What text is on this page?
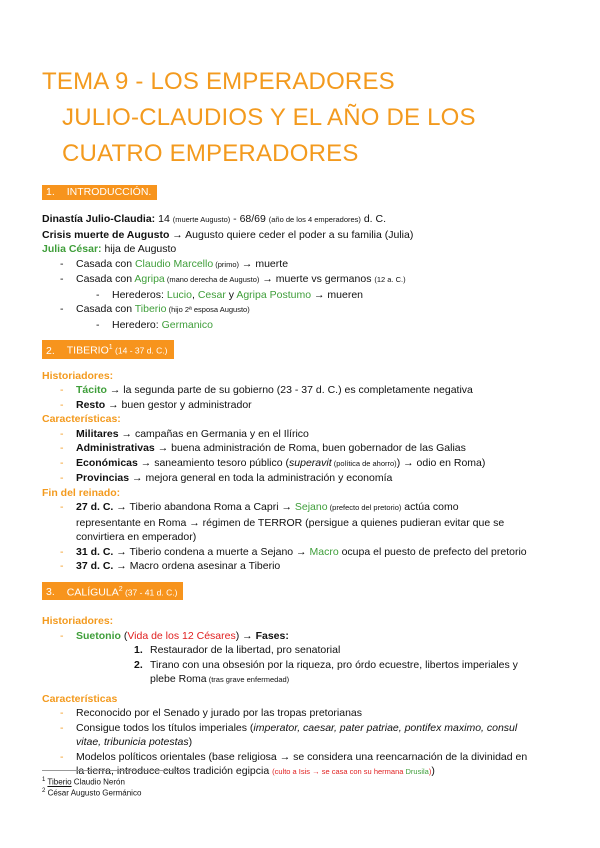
TEMA 9 - LOS EMPERADORES
JULIO-CLAUDIOS Y EL AÑO DE LOS
CUATRO EMPERADORES
1. INTRODUCCIÓN.

Dinastía Julio-Claudia: 14 (muerte Augusto) - 68/69 (año de los 4 emperadores) d. C.

Crisis muerte de Augusto → Augusto quiere ceder el poder a su familia (Julia)

Julia César: hija de Augusto

- Casada con Claudio Marcello (primo) → muerte
- Casada con Agripa (mano derecha de Augusto) → muerte vs germanos (12 a. C.)
- Herederos: Lucio, Cesar y Agripa Postumo → mueren
- Casada con Tiberio (hijo 2ª esposa Augusto)
- Heredero: Germanico
2. TIBERIO$^1$ (14 - 37 d. C.)
Historiadores:
- Tácito → la segunda parte de su gobierno (23 - 37 d. C.) es completamente negativa
- Resto → buen gestor y administrador
Características:
- Militares → campañas en Germania y en el Ilírico
- Administrativas → buena administración de Roma, buen gobernador de las Galias
- Económicas → saneamiento tesoro público (superavit (política de ahorro)) → odio en Roma)
- Provincias → mejora general en toda la administración y economía
Fin del reinado:
- 27 d. C. → Tiberio abandona Roma a Capri → Sejano (prefecto del pretorio) actúa como
representante en Roma → régimen de TERROR (persigue a quienes pudieran evitar que se
convirtiera en emperador)
- 31 d. C. → Tiberio condena a muerte a Sejano → Macro ocupa el puesto de prefecto del pretorio
- 37 d. C. → Macro ordena asesinar a Tiberio
3. CALÍGULA$^2$ (37 - 41 d. C.)
Historiadores:
- Suetonio (Vida de los 12 Césares) → Fases:
1. Restaurador de la libertad, pro senatorial
2. Tirano con una obsesión por la riqueza, pro órdo ecuestre, libertos imperiales y
plebe Roma (tras grave enfermedad)
Características
- Reconocido por el Senado y jurado por las tropas pretorianas
- Consigue todos los títulos imperiales (imperator, caesar, pater patriae, pontifex maximo, consul
vitae, tribunicia potestas)
- Modelos políticos orientales (base religiosa → se considera una reencarnación de la divinidad en
la tierra, introduce cultos tradición egipcia (culto a Isis → se casa con su hermana Drusila))
$^1$ Tiberio Claudio Nerón
$^2$ César Augusto Germánico
